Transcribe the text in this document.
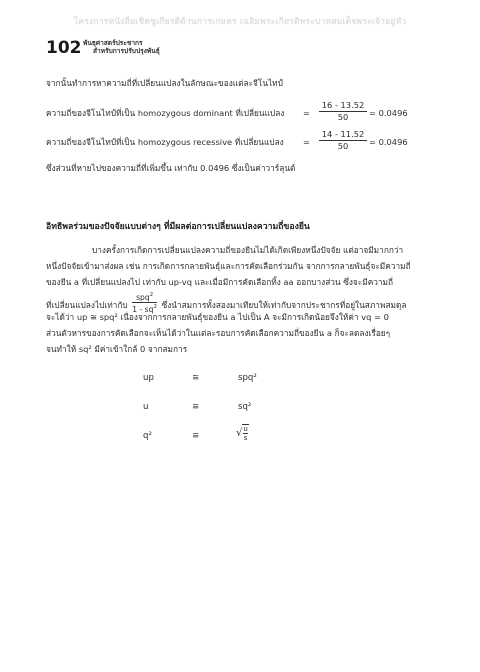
โครงการหนังสือเชิดชูเกียรติด้านการเกษตร เฉลิมพระเกียรติพระบาทสมเด็จพระเจ้าอยู่หัว
102 พันธุศาสตร์ประชากร
สำหรับการปรับปรุงพันธุ์
จากนั้นทำการหาความถี่ที่เปลี่ยนแปลงในลักษณะของแต่ละจีโนไทป์
ความถี่ของจีโนไทป์ที่เป็น homozygous dominant ที่เปลี่ยนแปลง = $\frac{16 - 13.52}{50} = 0.0496$
ความถี่ของจีโนไทป์ที่เป็น homozygous recessive ที่เปลี่ยนแปลง = $\frac{14 - 11.52}{50} = 0.0496$
ซึ่งส่วนที่หายไปของความถี่ที่เพิ่มขึ้น เท่ากับ 0.0496 ซึ่งเป็นค่าวาร์ลุนต์
อิทธิพลร่วมของปัจจัยแบบต่างๆ ที่มีผลต่อการเปลี่ยนแปลงความถี่ของยีน
บางครั้งการเกิดการเปลี่ยนแปลงความถี่ของยีนไม่ได้เกิดเพียงหนึ่งปัจจัย แต่อาจมีมากกว่า
หนึ่งปัจจัยเข้ามาส่งผล เช่น การเกิดการกลายพันธุ์และการคัดเลือกร่วมกัน จากการกลายพันธุ์จะมีความถี่
ของยีน a ที่เปลี่ยนแปลงไป เท่ากับ up-vq และเมื่อมีการคัดเลือกทิ้ง aa ออกบางส่วน ซึ่งจะมีความถี่
ที่เปลี่ยนแปลงไปเท่ากับ $\frac{spq^2}{1 - sq^2}$ ซึ่งนำสมการทั้งสองมาเทียบให้เท่ากับจากประชากรที่อยู่ในสภาพสมดุล
จะได้ว่า up ≅ spq² เนื่องจากการกลายพันธุ์ของยีน a ไปเป็น A จะมีการเกิดน้อยจึงให้ค่า vq = 0
ส่วนตัวหารของการคัดเลือกจะเห็นได้ว่าในแต่ละรอบการคัดเลือกความถี่ของยีน a ก็จะลดลงเรื่อยๆ
จนทำให้ sq² มีค่าเข้าใกล้ 0 จากสมการ
up	≅	spq²
u	≅	sq²
q²	≅	√ $\frac{u}{s}$
